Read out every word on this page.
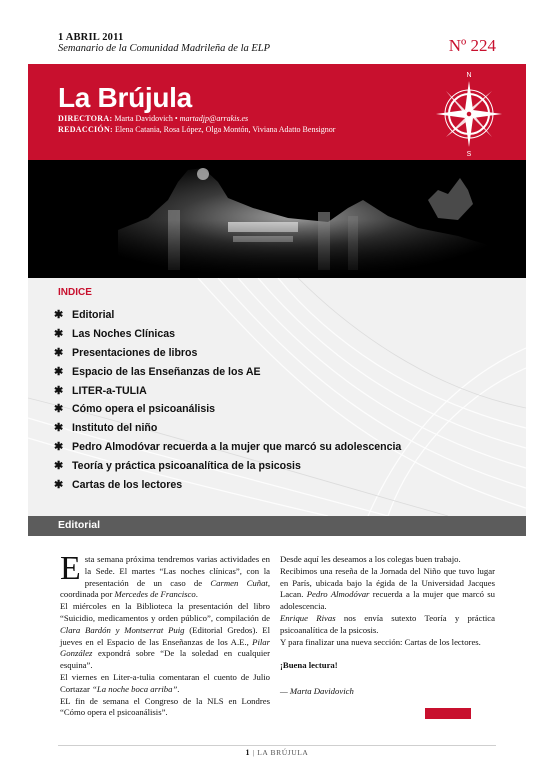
1 ABRIL 2011
Semanario de la Comunidad Madrileña de la ELP	Nº 224
La Brújula
DIRECTORA: Marta Davidovich • martadjp@arrakis.es
REDACCIÓN: Elena Catania, Rosa López, Olga Montón, Viviana Adatto Bensignor
N
S
INDICE
✱ Editorial
✱ Las Noches Clínicas
✱ Presentaciones de libros
✱ Espacio de las Enseñanzas de los AE
✱ LITER-a-TULIA
✱ Cómo opera el psicoanálisis
✱ Instituto del niño
✱ Pedro Almodóvar recuerda a la mujer que marcó su adolescencia
✱ Teoría y práctica psicoanalítica de la psicosis
✱ Cartas de los lectores
Editorial

Esta semana próxima tendremos varias actividades en la Sede. El martes “Las noches clínicas”, con la presentación de un caso de Carmen Cuñat, coordinada por Mercedes de Francisco.

El miércoles en la Biblioteca la presentación del libro “Suicidio, medicamentos y orden público”, compilación de Clara Bardón y Montserrat Puig (Editorial Gredos). El jueves en el Espacio de las Enseñanzas de los A.E., Pilar González expondrá sobre “De la soledad en cualquier esquina”.

El viernes en Liter-a-tulia comentaran el cuento de Julio Cortazar “La noche boca arriba”.

EL fin de semana el Congreso de la NLS en Londres “Cómo opera el psicoanálisis”.

Desde aquí les deseamos a los colegas buen trabajo.

Recibimos una reseña de la Jornada del Niño que tuvo lugar en París, ubicada bajo la égida de la Universidad Jacques Lacan. Pedro Almodóvar recuerda a la mujer que marcó su adolescencia.

Enrique Rivas nos envía sutexto Teoría y práctica psicoanalítica de la psicosis.

Y para finalizar una nueva sección: Cartas de los lectores.

¡Buena lectura!

— Marta Davidovich

1 | LA BRÚJULA
